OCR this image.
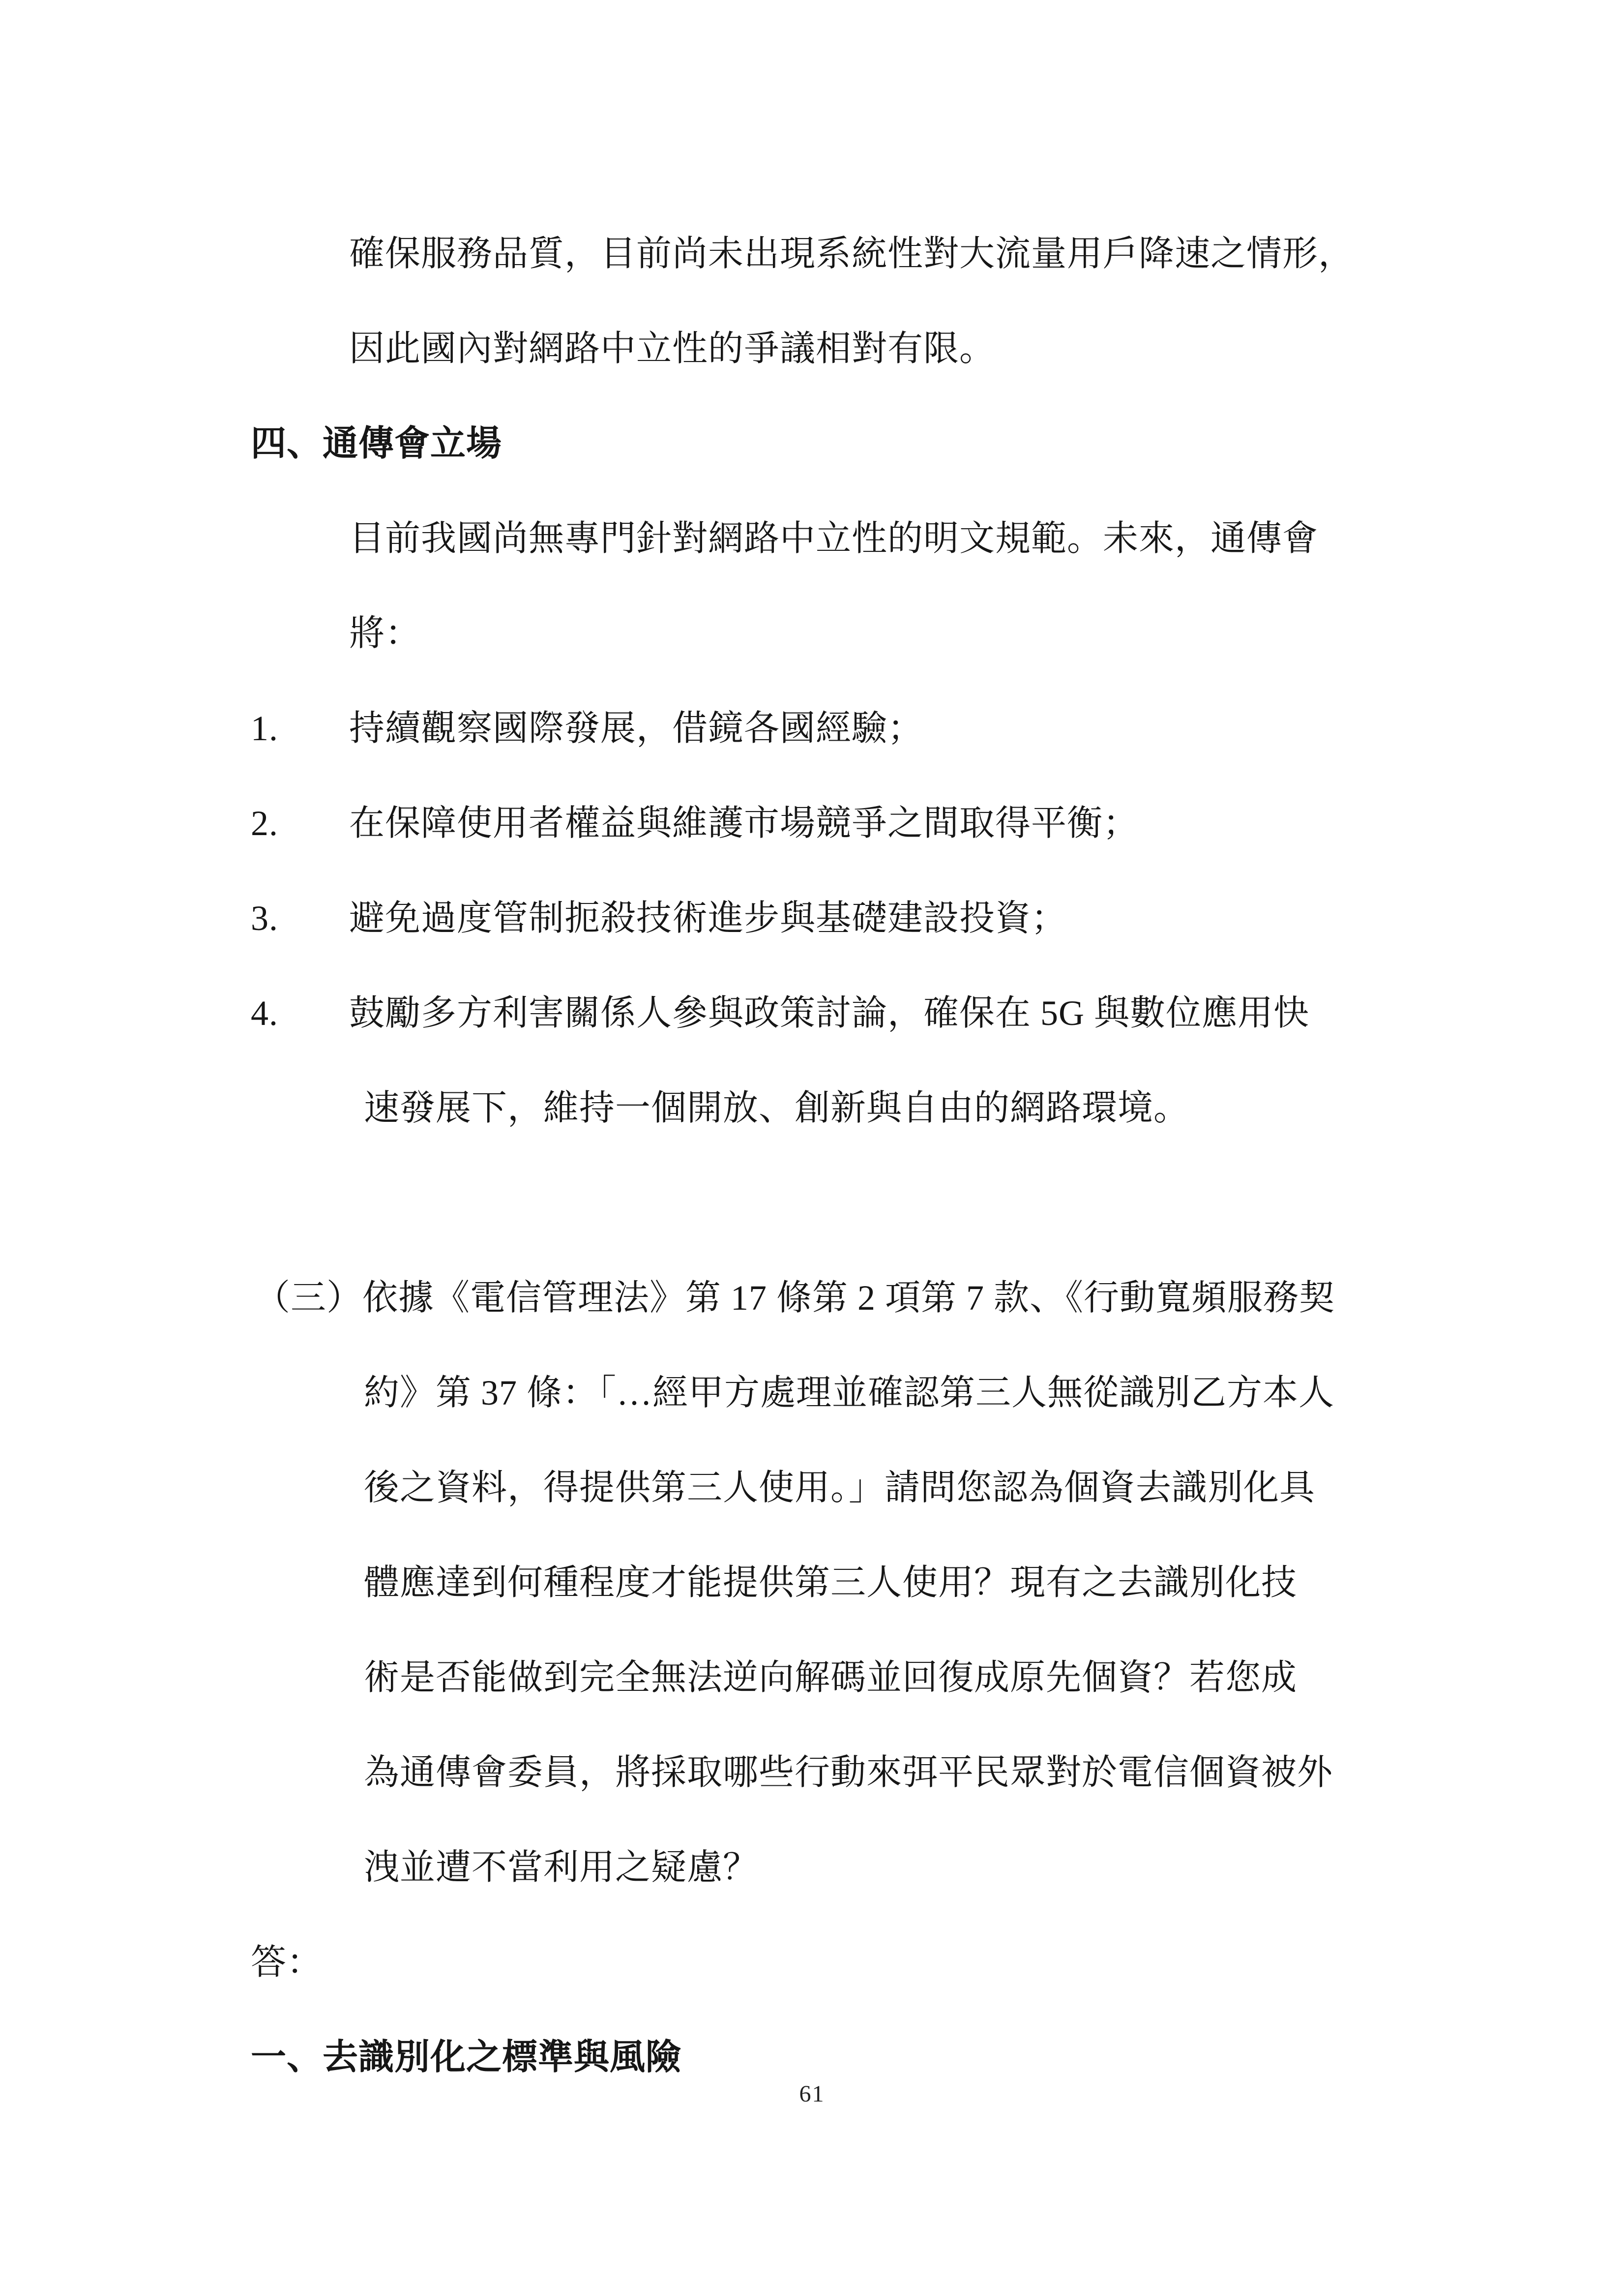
確保服務品質，目前尚未出現系統性對大流量用戶降速之情形，
因此國內對網路中立性的爭議相對有限。
四、通傳會立場
目前我國尚無專門針對網路中立性的明文規範。未來，通傳會
將：
1.	持續觀察國際發展，借鏡各國經驗；
2.	在保障使用者權益與維護市場競爭之間取得平衡；
3.	避免過度管制扼殺技術進步與基礎建設投資；
4.	鼓勵多方利害關係人參與政策討論，確保在 5G 與數位應用快
速發展下，維持一個開放、創新與自由的網路環境。
（三）依據《電信管理法》第 17 條第 2 項第 7 款、《行動寬頻服務契
約》第 37 條：「…經甲方處理並確認第三人無從識別乙方本人
後之資料，得提供第三人使用。」請問您認為個資去識別化具
體應達到何種程度才能提供第三人使用？現有之去識別化技
術是否能做到完全無法逆向解碼並回復成原先個資？若您成
為通傳會委員，將採取哪些行動來弭平民眾對於電信個資被外
洩並遭不當利用之疑慮？
答：
一、去識別化之標準與風險
61
